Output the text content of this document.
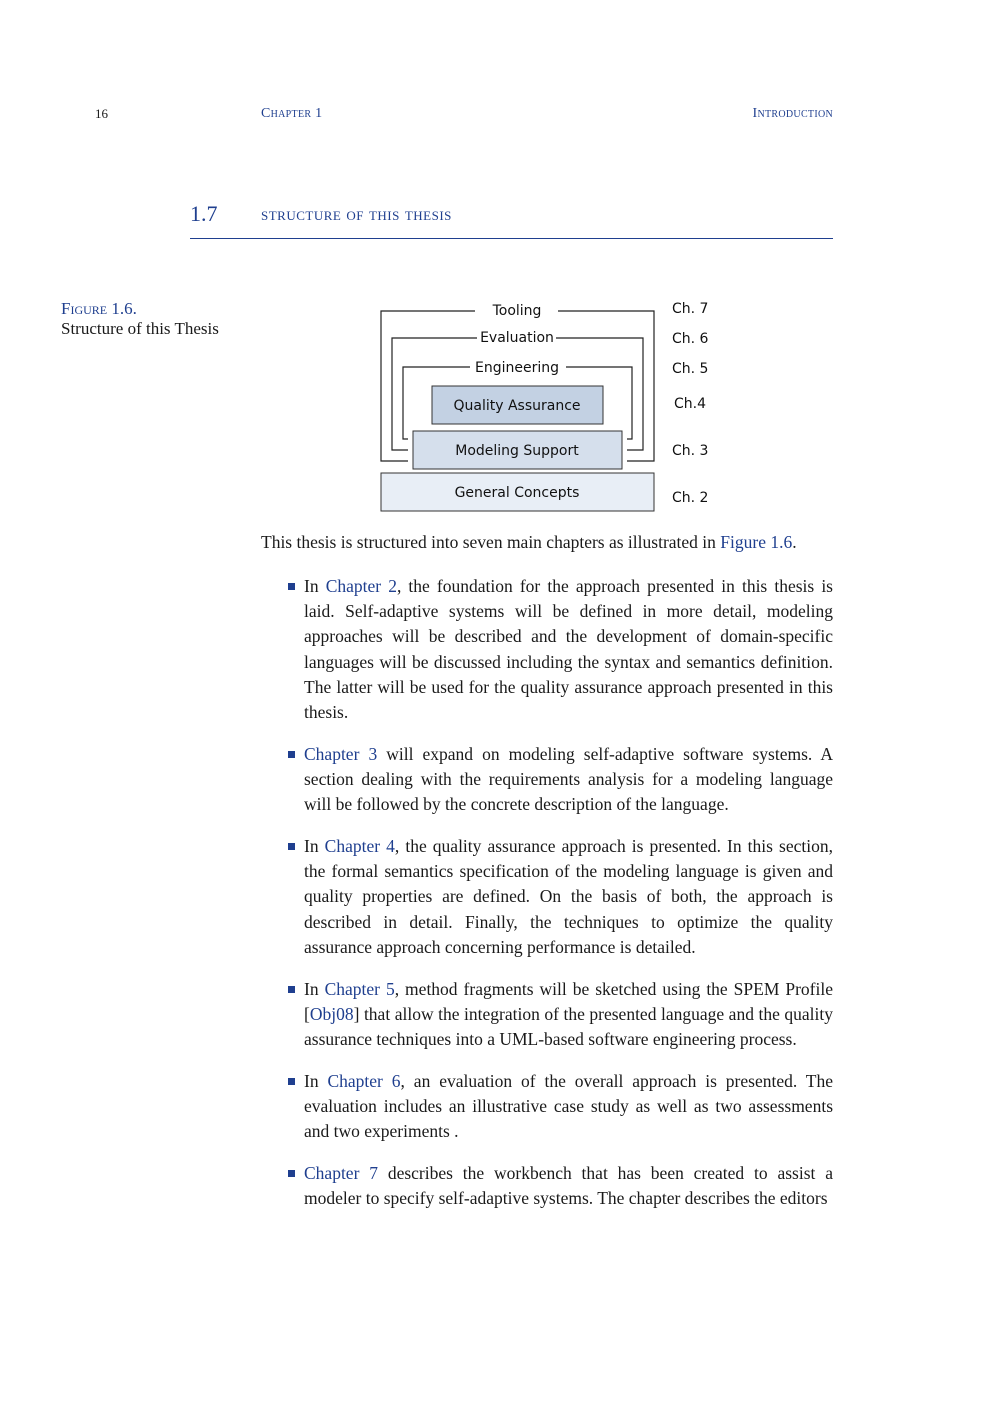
16	Chapter 1	Introduction
1.7 structure of this thesis
Figure 1.6.
Structure of this Thesis
Tooling
Evaluation
Engineering
Quality Assurance
Modeling Support
General Concepts
Ch. 7
Ch. 6
Ch. 5
Ch.4
Ch. 3
Ch. 2

This thesis is structured into seven main chapters as illustrated in Figure 1.6.

In Chapter 2, the foundation for the approach presented in this thesis is laid. Self-adaptive systems will be defined in more detail, modeling approaches will be described and the development of domain-specific languages will be discussed including the syntax and semantics definition. The latter will be used for the quality assurance approach presented in this thesis.
Chapter 3 will expand on modeling self-adaptive software systems. A section dealing with the requirements analysis for a modeling language will be followed by the concrete description of the language.
In Chapter 4, the quality assurance approach is presented. In this section, the formal semantics specification of the modeling language is given and quality properties are defined. On the basis of both, the approach is described in detail. Finally, the techniques to optimize the quality assurance approach concerning performance is detailed.
In Chapter 5, method fragments will be sketched using the SPEM Profile [Obj08] that allow the integration of the presented language and the quality assurance techniques into a UML-based software engineering process.
In Chapter 6, an evaluation of the overall approach is presented. The evaluation includes an illustrative case study as well as two assessments and two experiments .
Chapter 7 describes the workbench that has been created to assist a modeler to specify self-adaptive systems. The chapter describes the editors
